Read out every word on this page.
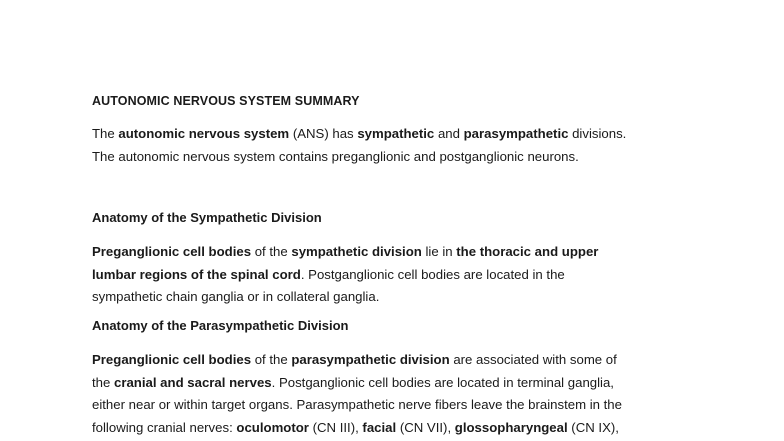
AUTONOMIC NERVOUS SYSTEM SUMMARY
The autonomic nervous system (ANS) has sympathetic and parasympathetic divisions.
The autonomic nervous system contains preganglionic and postganglionic neurons.
Anatomy of the Sympathetic Division
Preganglionic cell bodies of the sympathetic division lie in the thoracic and upper
lumbar regions of the spinal cord. Postganglionic cell bodies are located in the
sympathetic chain ganglia or in collateral ganglia.
Anatomy of the Parasympathetic Division
Preganglionic cell bodies of the parasympathetic division are associated with some of
the cranial and sacral nerves. Postganglionic cell bodies are located in terminal ganglia,
either near or within target organs. Parasympathetic nerve fibers leave the brainstem in the
following cranial nerves: oculomotor (CN III), facial (CN VII), glossopharyngeal (CN IX),
